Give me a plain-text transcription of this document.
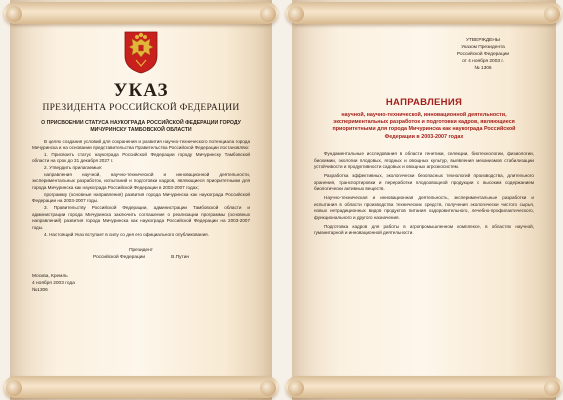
УКАЗ
ПРЕЗИДЕНТА РОССИЙСКОЙ ФЕДЕРАЦИИ
О ПРИСВОЕНИИ СТАТУСА НАУКОГРАДА РОССИЙСКОЙ ФЕДЕРАЦИИ ГОРОДУ МИЧУРИНСКУ ТАМБОВСКОЙ ОБЛАСТИ

В целях создания условий для сохранения и развития научно-технического потенциала города Мичуринска и на основании представительства Правительства Российской Федерации постановляю:

1. Присвоить статус наукограда Российской Федерации городу Мичуринску Тамбовской области на срок до 31 декабря 2027 г.

2. Утвердить прилагаемые:

направления научной, научно-технической и инновационной деятельности, экспериментальных разработок, испытаний и подготовки кадров, являющиеся приоритетными для города Мичуринска как наукограда Российской Федерации в 2003-2007 годах;

программу (основные направления) развития города Мичуринска как наукограда Российской Федерации на 2003-2007 годы.

3. Правительству Российской Федерации, администрации Тамбовской области и администрации города Мичуринска заключить соглашение о реализации программы (основных направлений) развития города Мичуринска как наукограда Российской Федерации на 2003-2007 годы.

4. Настоящий Указ вступает в силу со дня его официального опубликования.

Президент
Российской Федерации	В.Путин
Москва, Кремль
4 ноября 2003 года
№1306
УТВЕРЖДЕНЫ
Указом Президента
Российской Федерации
от 4 ноября 2003 г.
№ 1306
НАПРАВЛЕНИЯ
научной, научно-технической, инновационной деятельности, экспериментальных разработок и подготовки кадров, являющиеся приоритетными для города Мичуринска как наукограда Российской Федерации в 2003-2007 годах

Фундаментальные исследования в области генетики, селекции, биотехнологии, физиологии, биохимии, экологии плодовых, ягодных и овощных культур, выявления механизмов стабилизации устойчивости и продуктивности садовых и овощных агроэкосистем.

Разработка эффективных, экологически безопасных технологий производства, длительного хранения, транспортировки и переработки плодоовощной продукции с высоким содержанием биологически активных веществ.

Научно-техническая и инновационная деятельность, экспериментальные разработки и испытания в области производства технических средств, получения экологически чистого сырья, новых нетрадиционных видов продуктов питания оздоровительного, лечебно-профилактического, функционального и другого назначения.

Подготовка кадров для работы в агропромышленном комплексе, в областях научной, гуманитарной и инновационной деятельности.
